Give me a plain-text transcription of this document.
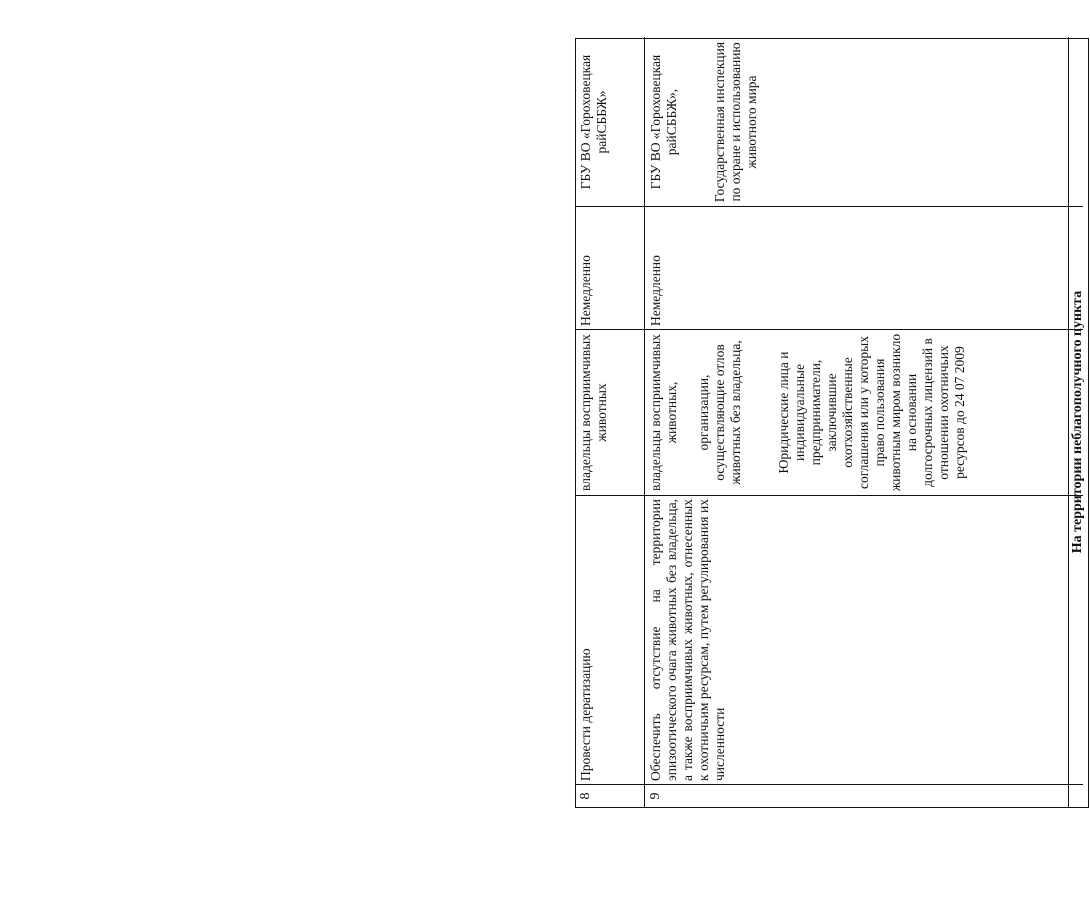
8
Провести дератизацию
владельцы восприимчивых животных
Немедленно
ГБУ ВО «Гороховецкая райСББЖ»
9
Обеспечить отсутствие на территории эпизоотического очага животных без владельца, а также восприимчивых животных, отнесенных к охотничьим ресурсам, путем регулирования их численности

владельцы восприимчивых животных, организации, осуществляющие отлов животных без владельца, Юридические лица и индивидуальные предприниматели, заключившие охотхозяйственные соглашения или у которых право пользования животным миром возникло на основании долгосрочных лицензий в отношении охотничьих ресурсов до 24 07 2009

Немедленно

ГБУ ВО «Гороховецкая райСББЖ», Государственная инспекция по охране и использованию животного мира

На территории неблагополучного пункта
